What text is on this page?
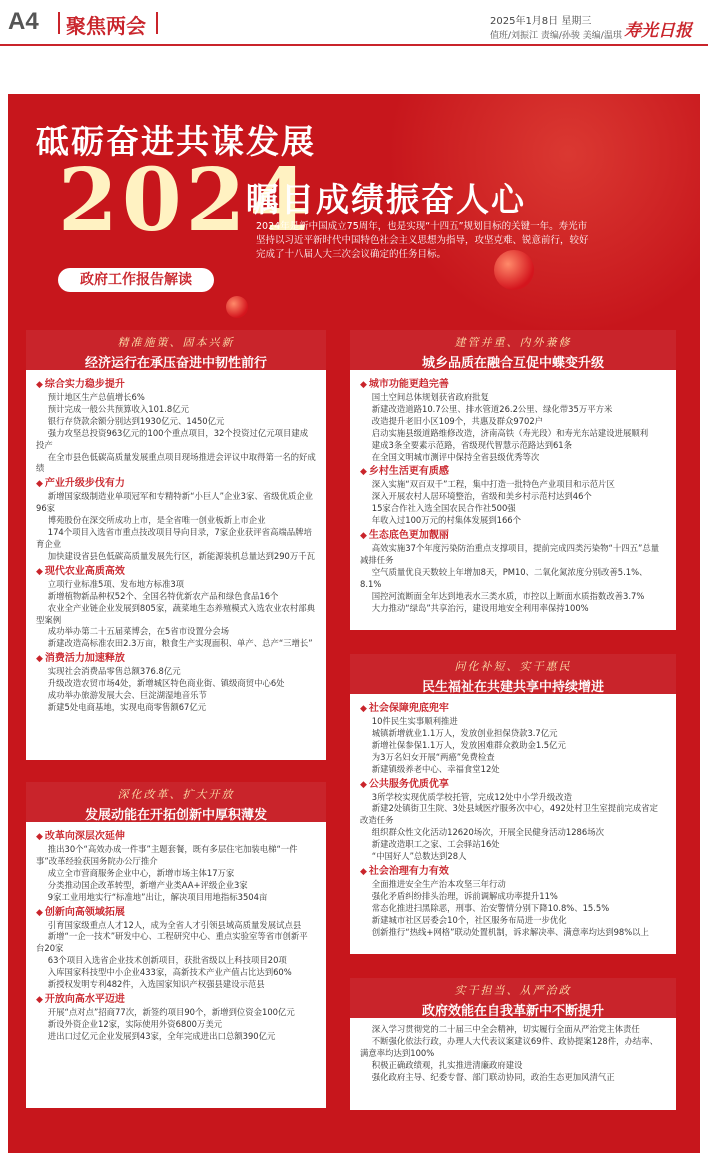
A4 聚焦两会	2025年1月8日 星期三
值班/刘振江 责编/孙骏 美编/温琪 寿光日报
砥砺奋进共谋发展
2024
瞩目成绩振奋人心
2024年是新中国成立75周年，也是实现“十四五”规划目标的关键一年。寿光市坚持以习近平新时代中国特色社会主义思想为指导，攻坚克难、锐意前行，较好完成了十八届人大三次会议确定的任务目标。
政府工作报告解读
精准施策、固本兴新
经济运行在承压奋进中韧性前行
◆ 综合实力稳步提升
预计地区生产总值增长6%
预计完成一般公共预算收入101.8亿元
银行存贷款余额分别达到1930亿元、1450亿元
强力攻坚总投资963亿元的100个重点项目，32个投资过亿元项目建成投产
在全市县色低碳高质量发展重点项目现场推进会评议中取得第一名的好成绩
◆ 产业升级步伐有力
新增国家级制造业单项冠军和专精特新“小巨人”企业3家、省级优质企业96家
博苑股份在深交所成功上市，是全省唯一创业板新上市企业
174个项目入选省市重点技改项目导向目录，7家企业获评省高端品牌培育企业
加快建设省县色低碳高质量发展先行区，新能源装机总量达到290万千瓦
◆ 现代农业高质高效
立项行业标准5项、发布地方标准3项
新增植物新品种权52个、全国名特优新农产品和绿色食品16个
农业全产业链企业发展到805家，蔬菜地生态养殖模式入选农业农村部典型案例
成功举办第二十五届菜博会，在5省市设置分会场
新建改造高标准农田2.3万亩，粮食生产实现面积、单产、总产“三增长”
◆ 消费活力加速释放
实现社会消费品零售总额376.8亿元
升级改造农贸市场4处，新增城区特色商业街、镇级商贸中心6处
成功举办旅游发展大会、巨淀湖湿地音乐节
新建5处电商基地，实现电商零售额67亿元
深化改革、扩大开放
发展动能在开拓创新中厚积薄发
◆ 改革向深层次延伸
推出30个“高效办成一件事”主题套餐，既有多层住宅加装电梯“一件事”改革经验获国务院办公厅推介
成立全市营商服务企业中心，新增市场主体17万家
分类推动国企改革转型，新增产业类AA+评级企业3家
9家工业用地实行“标准地”出让，解决项目用地指标3504亩
◆ 创新向高领域拓展
引育国家级重点人才12人，成为全省人才引领县域高质量发展试点县
新增“一企一技术”研发中心、工程研究中心、重点实验室等省市创新平台20家
63个项目入选省企业技术创新项目，获批省级以上科技项目20项
入库国家科技型中小企业433家，高新技术产业产值占比达到60%
新授权发明专利482件，入选国家知识产权强县建设示范县
◆ 开放向高水平迈进
开展“点对点”招商77次，新签约项目90个，新增到位资金100亿元
新设外资企业12家，实际使用外资6800万美元
进出口过亿元企业发展到43家，全年完成进出口总额390亿元
建管并重、内外兼修
城乡品质在融合互促中蝶变升级
◆ 城市功能更趋完善
国土空间总体规划获省政府批复
新建改造道路10.7公里、排水管道26.2公里、绿化带35万平方米
改造提升老旧小区109个，共惠及群众9702户
启动实施县级道路维修改造，济南高铁（寿光段）和寿光东站建设进展顺利
建成3条全要素示范路，省级现代智慧示范路达到61条
在全国文明城市测评中保持全省县级优秀等次
◆ 乡村生活更有质感
深入实施“双百双千”工程，集中打造一批特色产业项目和示范片区
深入开展农村人居环境整治，省级和美乡村示范村达到46个
15家合作社入选全国农民合作社500强
年收入过100万元的村集体发展到166个
◆ 生态底色更加靓丽
高效实施37个年度污染防治重点支撑项目，提前完成四类污染物“十四五”总量减排任务
空气质量优良天数较上年增加8天，PM10、二氧化氮浓度分别改善5.1%、8.1%
国控河流断面全年达到地表水三类水质，市控以上断面水质指数改善3.7%
大力推动“绿岛”共享治污，建设用地安全利用率保持100%
问化补短、实干惠民
民生福祉在共建共享中持续增进
◆ 社会保障兜底兜牢
10件民生实事顺利推进
城镇新增就业1.1万人，发放创业担保贷款3.7亿元
新增社保参保1.1万人，发放困难群众救助金1.5亿元
为3万名妇女开展“两癌”免费检查
新建镇级养老中心、幸福食堂12处
◆ 公共服务优质优享
3所学校实现优质学校托管，完成12处中小学升级改造
新建2处镇街卫生院、3处县域医疗服务次中心，492处村卫生室提前完成省定改造任务
组织群众性文化活动12620场次，开展全民健身活动1286场次
新建改造职工之家、工会驿站16处
“中国好人”总数达到28人
◆ 社会治理有力有效
全面推进安全生产治本攻坚三年行动
强化矛盾纠纷排头治理，诉前调解成功率提升11%
常态化推进扫黑除恶，刑事、治安警情分别下降10.8%、15.5%
新建城市社区居委会10个，社区服务布局进一步优化
创新推行“热线+网格”联动处置机制，诉求解决率、满意率均达到98%以上
实干担当、从严治政
政府效能在自我革新中不断提升
深入学习贯彻党的二十届三中全会精神，切实履行全面从严治党主体责任
不断强化依法行政，办理人大代表议案建议69件、政协提案128件，办结率、满意率均达到100%
积极正确政绩观，扎实推进清廉政府建设
强化政府主导、纪委专督、部门联动协同，政治生态更加风清气正
